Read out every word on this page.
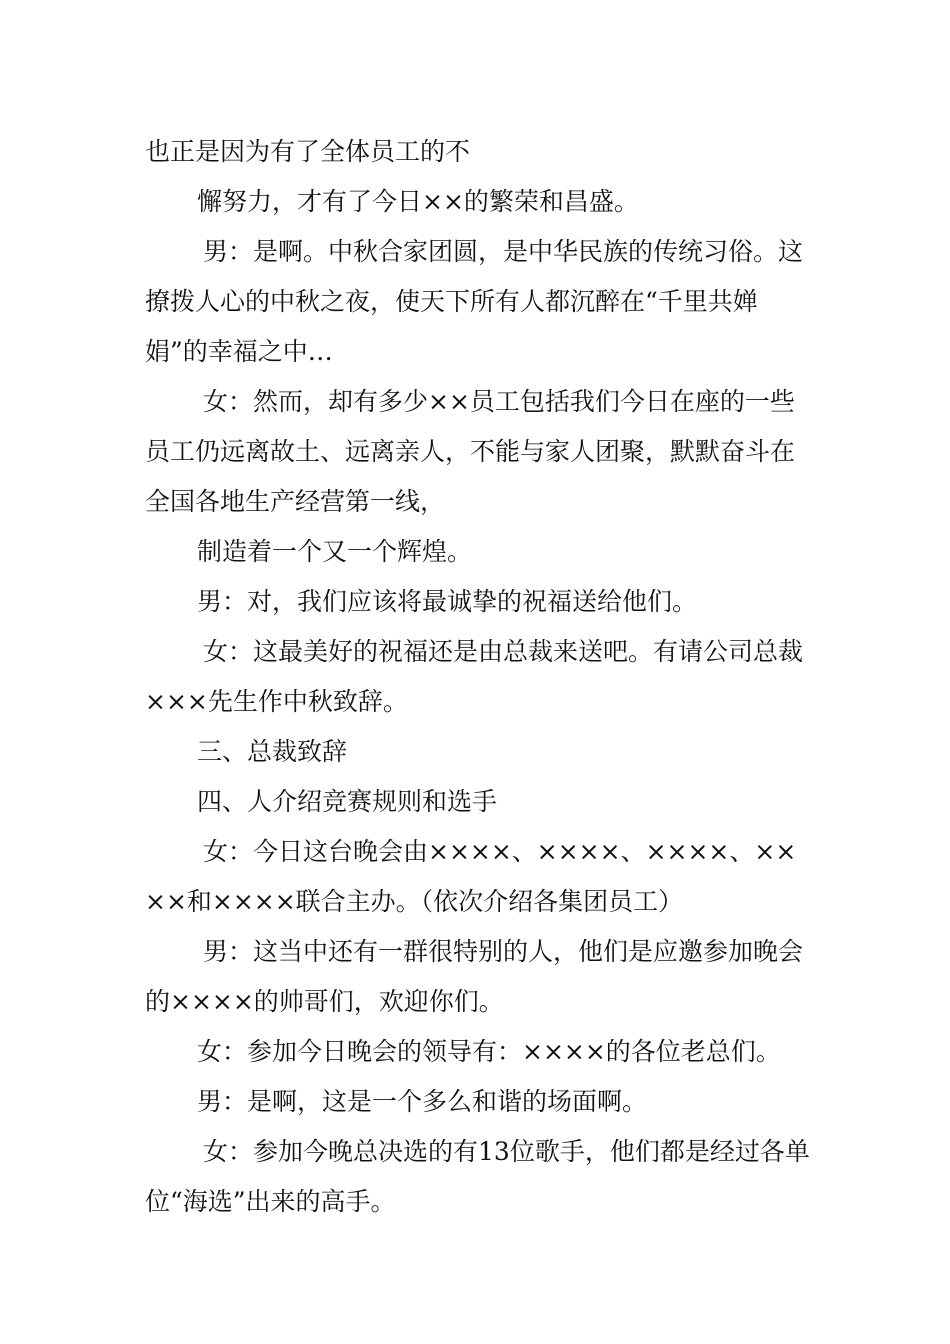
也正是因为有了全体员工的不

懈努力，才有了今日××的繁荣和昌盛。

男：是啊。中秋合家团圆，是中华民族的传统习俗。这撩拨人心的中秋之夜，使天下所有人都沉醉在“千里共婵娟”的幸福之中…

女：然而，却有多少××员工包括我们今日在座的一些员工仍远离故土、远离亲人，不能与家人团聚，默默奋斗在全国各地生产经营第一线，

制造着一个又一个辉煌。

男：对，我们应该将最诚挚的祝福送给他们。

女：这最美好的祝福还是由总裁来送吧。有请公司总裁×××先生作中秋致辞。

三、总裁致辞

四、人介绍竞赛规则和选手

女：今日这台晚会由××××、××××、××××、××××和××××联合主办。（依次介绍各集团员工）

男：这当中还有一群很特别的人，他们是应邀参加晚会的××××的帅哥们，欢迎你们。

女：参加今日晚会的领导有：××××的各位老总们。

男：是啊，这是一个多么和谐的场面啊。

女：参加今晚总决选的有13位歌手，他们都是经过各单位“海选”出来的高手。
